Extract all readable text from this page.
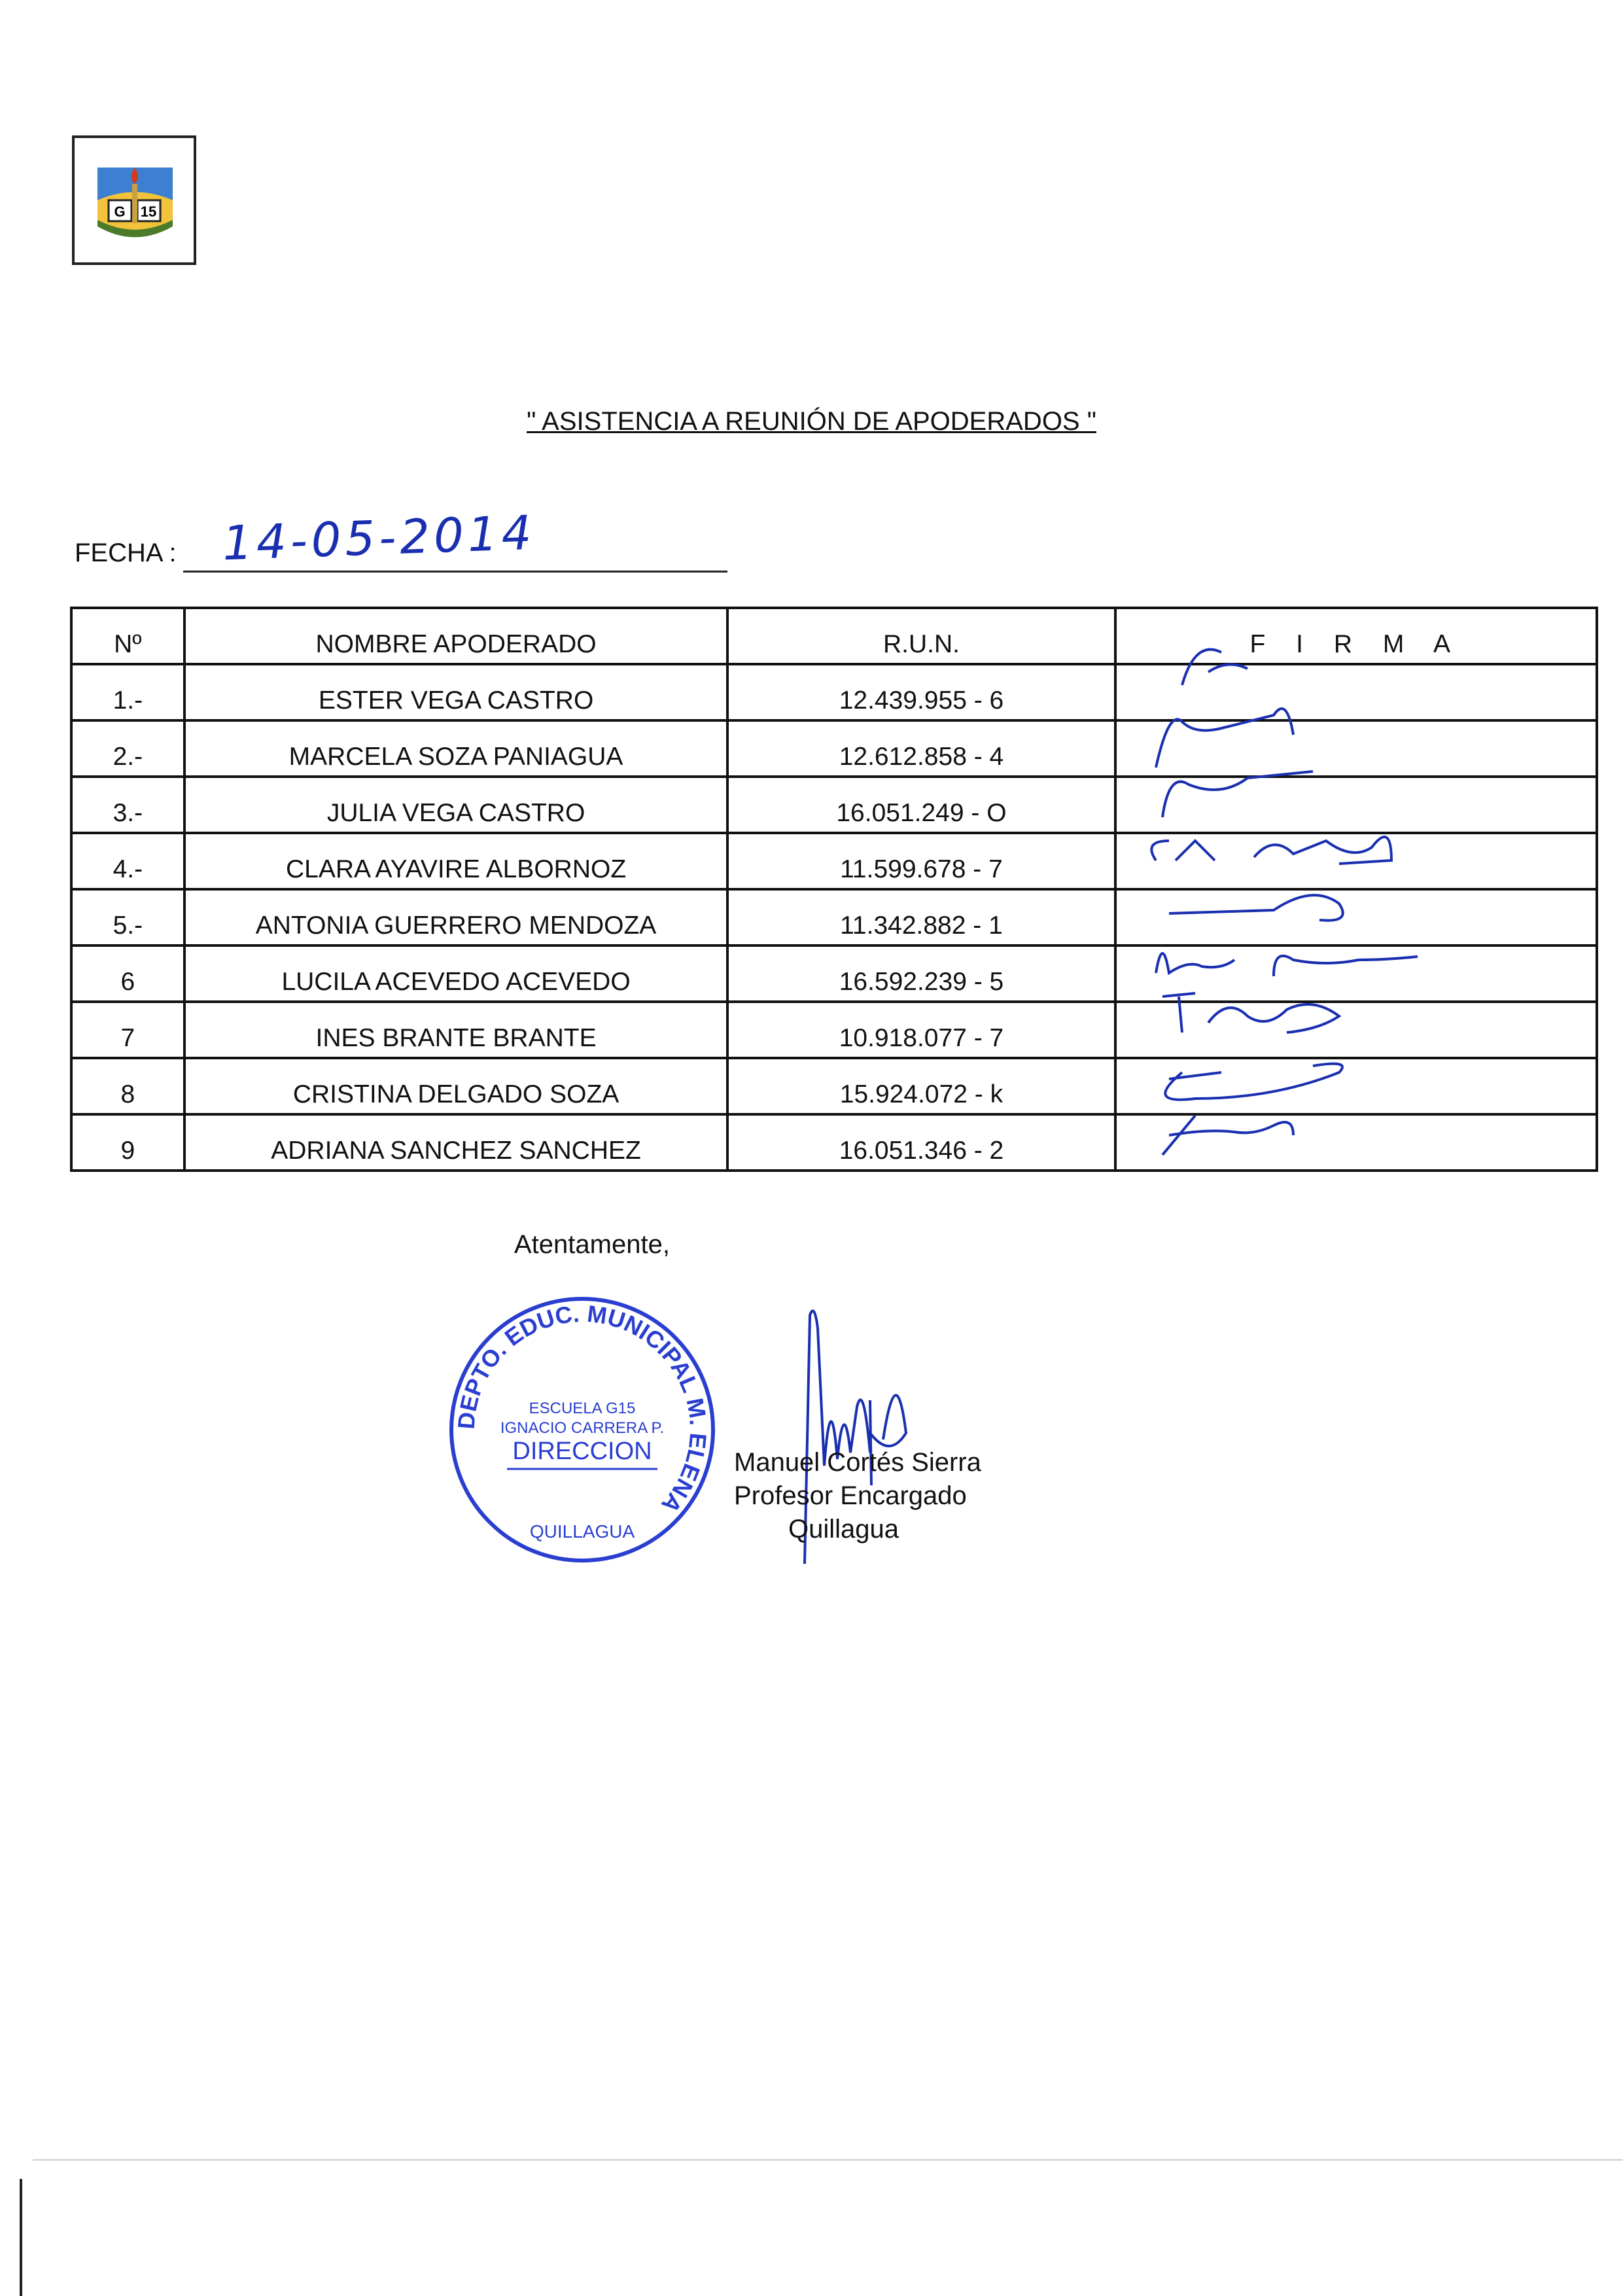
G 15
" ASISTENCIA A REUNIÓN DE APODERADOS "
FECHA : 14-05-2014
Nº	NOMBRE APODERADO	R.U.N.	F I R M A
1.-	ESTER VEGA CASTRO	12.439.955 - 6	

2.-	MARCELA SOZA PANIAGUA	12.612.858 - 4	

3.-	JULIA VEGA CASTRO	16.051.249 - O	

4.-	CLARA AYAVIRE ALBORNOZ	11.599.678 - 7	

5.-	ANTONIA GUERRERO MENDOZA	11.342.882 - 1	

6	LUCILA ACEVEDO ACEVEDO	16.592.239 - 5	

7	INES BRANTE BRANTE	10.918.077 - 7	

8	CRISTINA DELGADO SOZA	15.924.072 - k	

9	ADRIANA SANCHEZ SANCHEZ	16.051.346 - 2	
Atentamente,
DEPTO. EDUC. MUNICIPAL M. ELENA
ESCUELA G15
IGNACIO CARRERA P.
DIRECCION
QUILLAGUA
Manuel Cortés Sierra
Profesor Encargado
Quillagua
